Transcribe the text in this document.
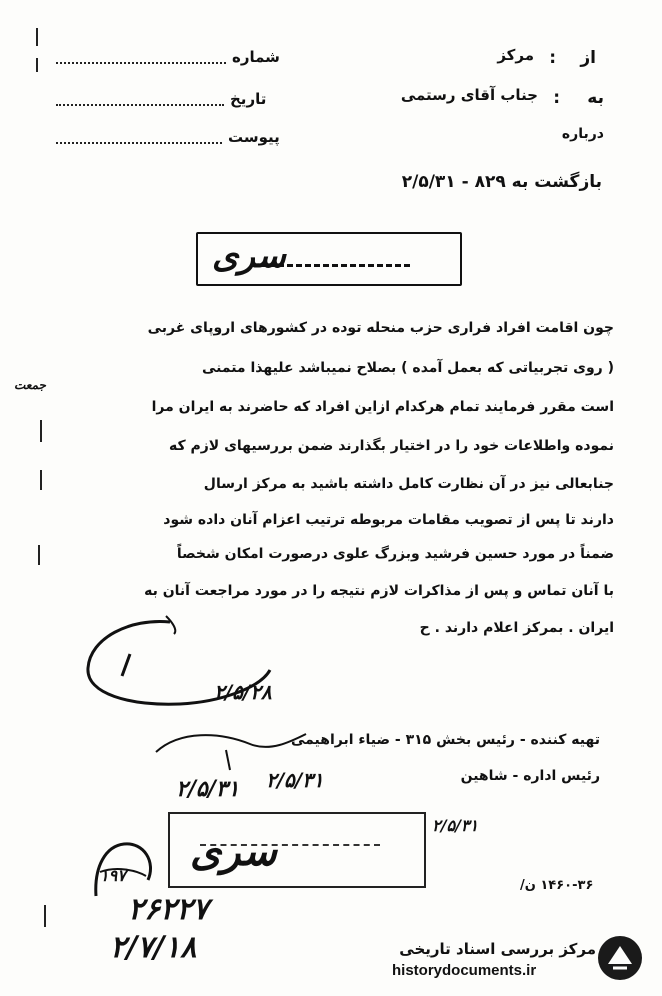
از
:
مرکز
به
:
جناب آقای رستمی
درباره
شماره
تاریخ
پیوست
بازگشت به ۸۲۹ - ۲/۵/۳۱
سری
جمعت
چون اقامت افراد فراری حزب منحله توده در کشورهای اروپای غربی
( روی تجربیاتی که بعمل آمده ) بصلاح نمیباشد علیهذا متمنی
است مقرر فرمایند تمام هرکدام ازاین افراد که حاضرند به ایران مرا
نموده واطلاعات خود را در اختیار بگذارند ضمن بررسیهای لازم که
جنابعالی نیز در آن نظارت کامل داشته باشید به مرکز ارسال
دارند تا پس از تصویب مقامات مربوطه ترتیب اعزام آنان داده شود
ضمناً در مورد حسین فرشید وبزرگ علوی درصورت امکان شخصاً
با آنان تماس و پس از مذاکرات لازم نتیجه را در مورد مراجعت آنان به
ایران . بمرکز اعلام دارند . ح
۲/۵/۲۸
تهیه کننده - رئیس بخش ۳۱۵ - ضیاء ابراهیمی
رئیس اداره - شاهین
۲/۵/۳۱ ۲/۵/۳۱
۲/۵/۳۱
سری
۱۹۷
۲۶۲۲۷
۲/۷/۱۸
۱۴۶۰-۳۶ ن/
مرکز بررسی اسناد تاریخی
historydocuments.ir
